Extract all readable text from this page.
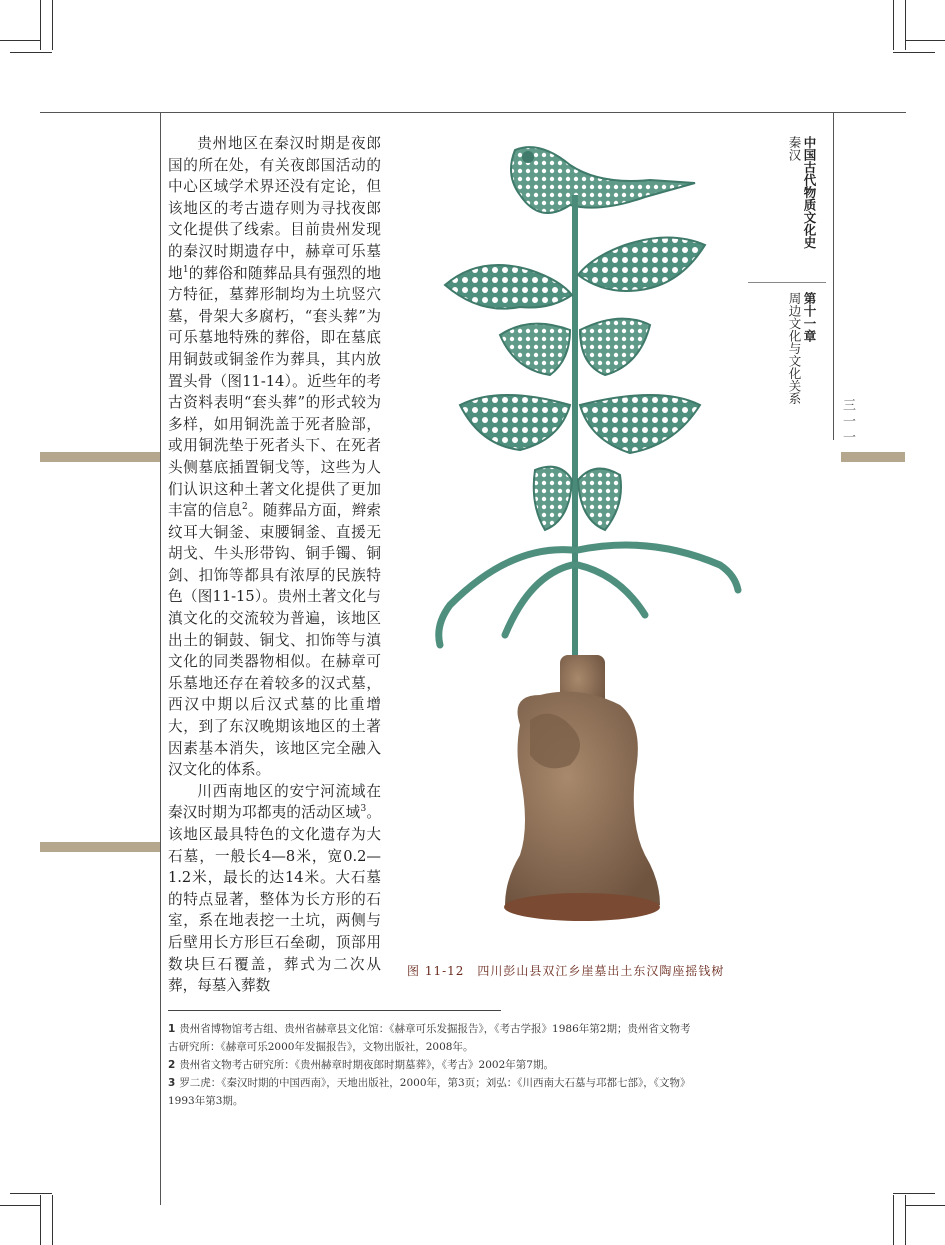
贵州地区在秦汉时期是夜郎国的所在处，有关夜郎国活动的中心区域学术界还没有定论，但该地区的考古遗存则为寻找夜郎文化提供了线索。目前贵州发现的秦汉时期遗存中，赫章可乐墓地$^1$的葬俗和随葬品具有强烈的地方特征，墓葬形制均为土坑竖穴墓，骨架大多腐朽，“套头葬”为可乐墓地特殊的葬俗，即在墓底用铜鼓或铜釜作为葬具，其内放置头骨（图11-14）。近些年的考古资料表明“套头葬”的形式较为多样，如用铜洗盖于死者脸部，或用铜洗垫于死者头下、在死者头侧墓底插置铜戈等，这些为人们认识这种土著文化提供了更加丰富的信息$^2$。随葬品方面，辫索纹耳大铜釜、束腰铜釜、直援无胡戈、牛头形带钩、铜手镯、铜剑、扣饰等都具有浓厚的民族特色（图11-15）。贵州土著文化与滇文化的交流较为普遍，该地区出土的铜鼓、铜戈、扣饰等与滇文化的同类器物相似。在赫章可乐墓地还存在着较多的汉式墓，西汉中期以后汉式墓的比重增大，到了东汉晚期该地区的土著因素基本消失，该地区完全融入汉文化的体系。

川西南地区的安宁河流域在秦汉时期为邛都夷的活动区域$^3$。该地区最具特色的文化遗存为大石墓，一般长4—8米，宽0.2—1.2米，最长的达14米。大石墓的特点显著，整体为长方形的石室，系在地表挖一土坑，两侧与后壁用长方形巨石垒砌，顶部用数块巨石覆盖，葬式为二次从葬，每墓入葬数

图 11-12　四川彭山县双江乡崖墓出土东汉陶座摇钱树
中国古代物质文化史
秦汉
第十一章
周边文化与文化关系
三一一

1 贵州省博物馆考古组、贵州省赫章县文化馆：《赫章可乐发掘报告》，《考古学报》1986年第2期；贵州省文物考古研究所：《赫章可乐2000年发掘报告》，文物出版社，2008年。

2 贵州省文物考古研究所：《贵州赫章时期夜郎时期墓葬》，《考古》2002年第7期。

3 罗二虎：《秦汉时期的中国西南》，天地出版社，2000年，第3页；刘弘：《川西南大石墓与邛都七部》，《文物》1993年第3期。
